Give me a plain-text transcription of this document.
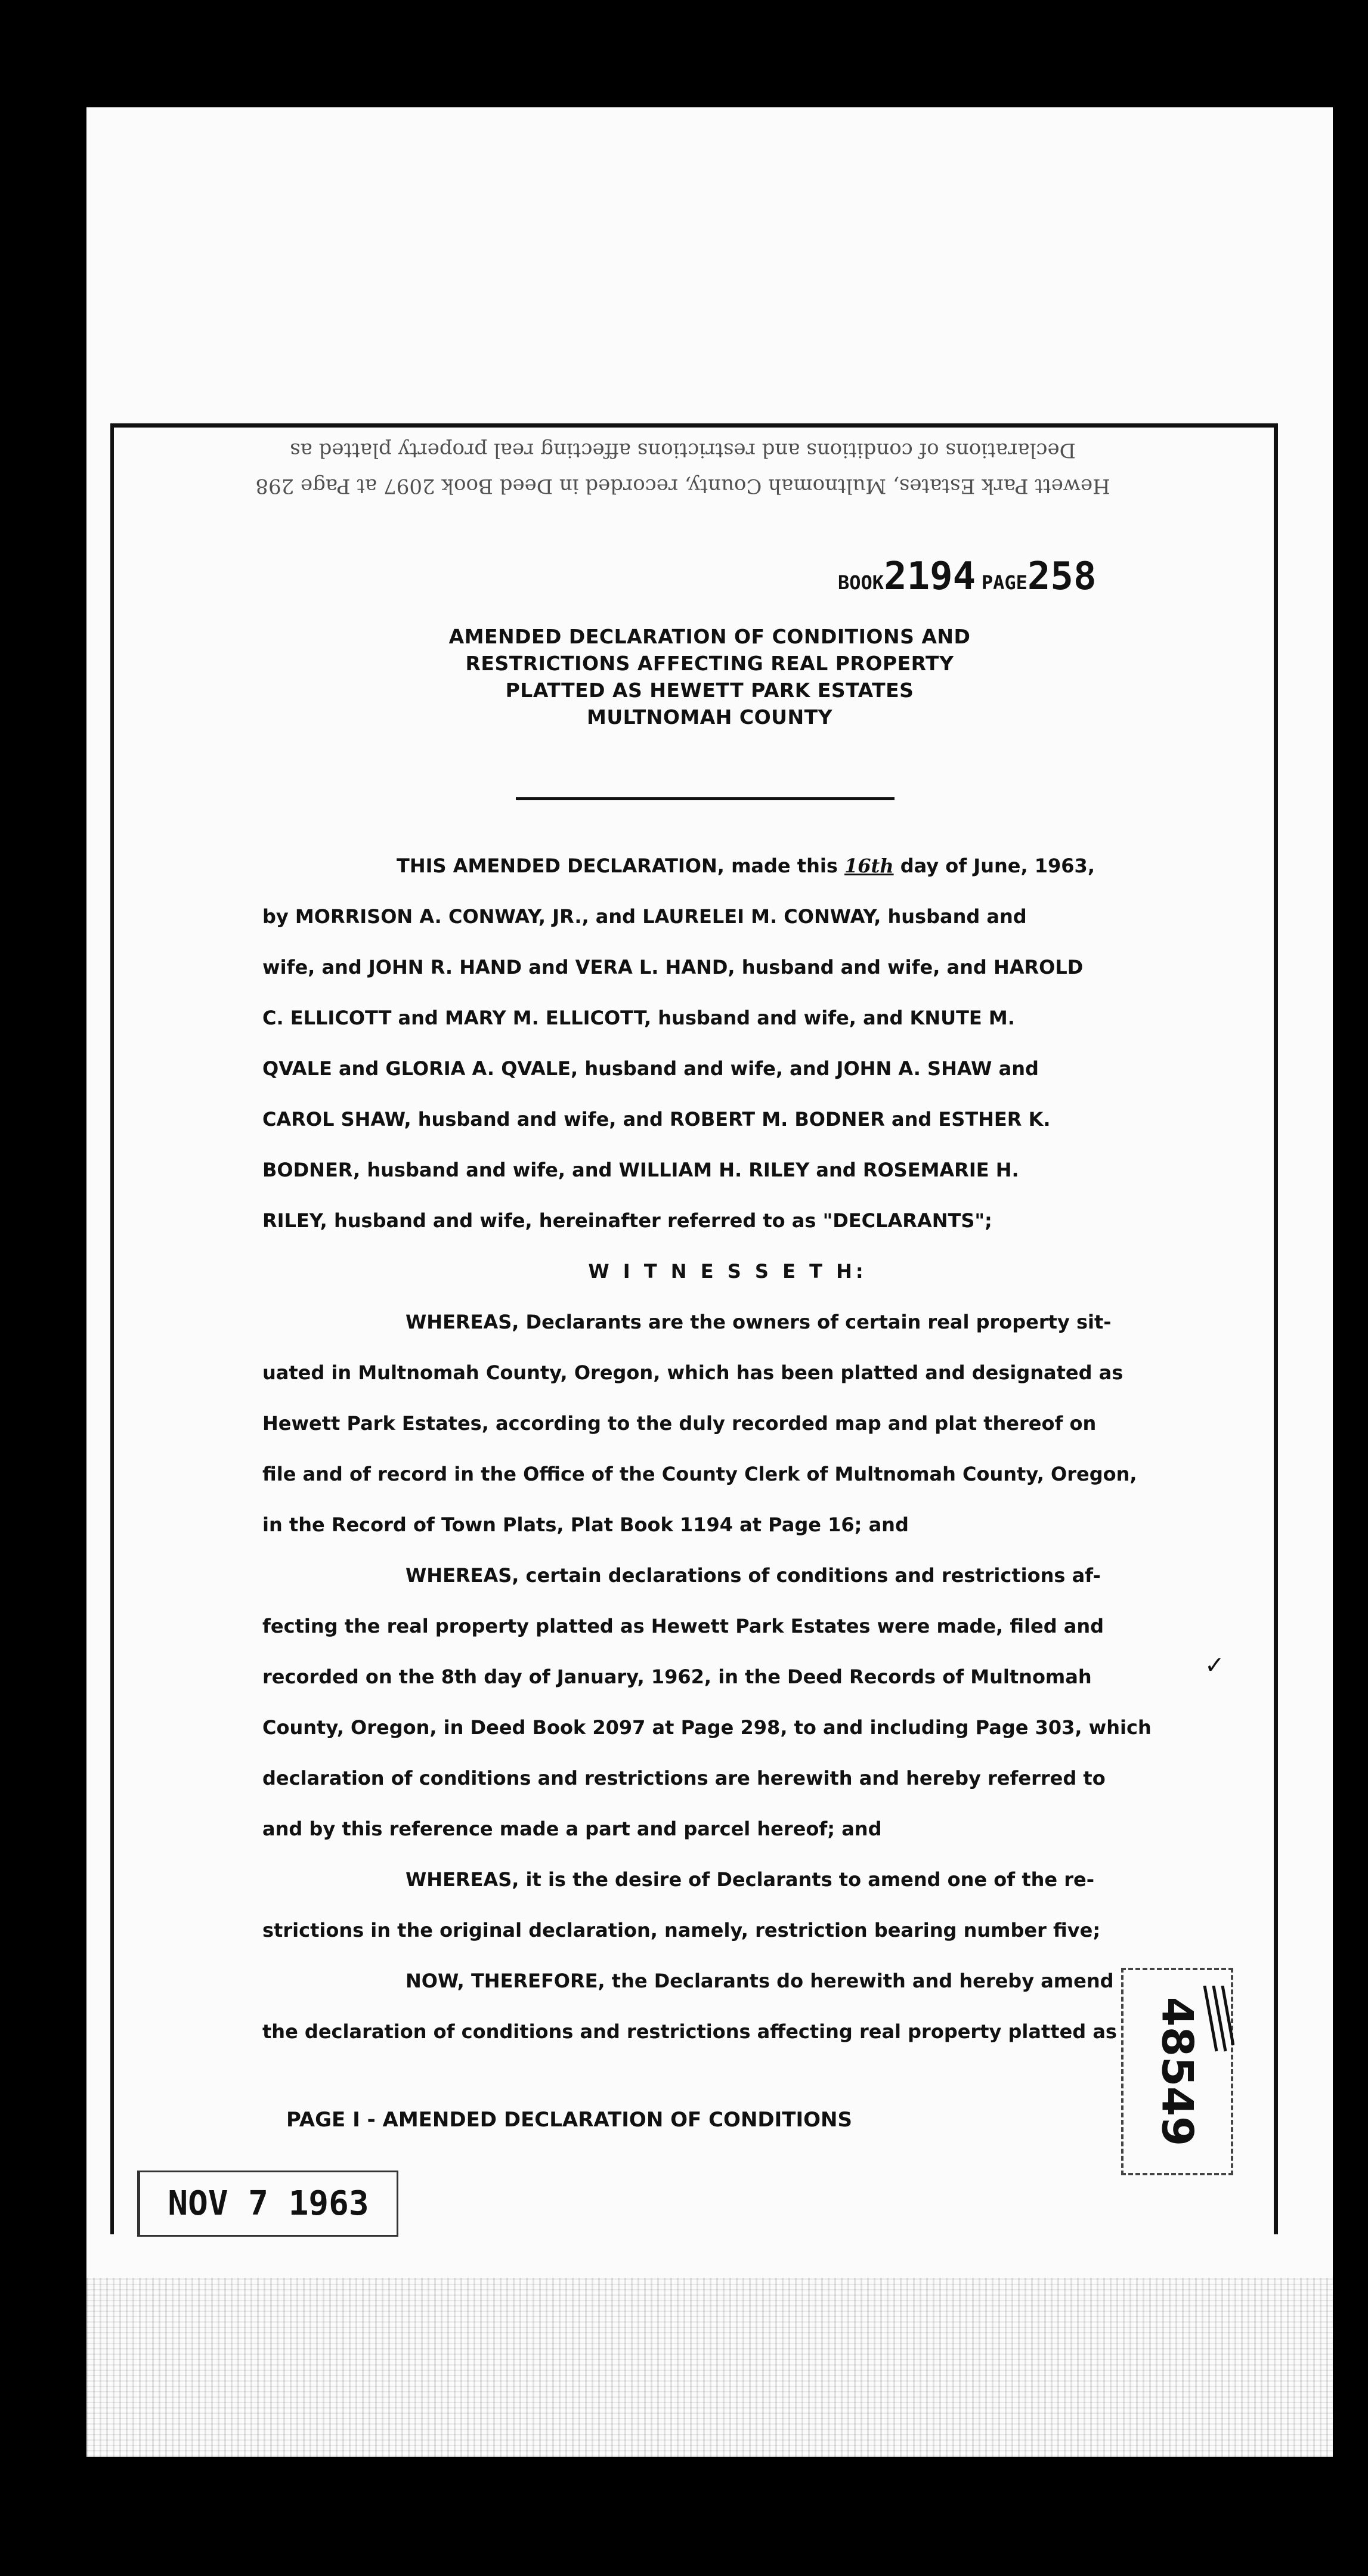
Hewett Park Estates, Multnomah County, recorded in Deed Book 2097 at Page 298
Declarations of conditions and restrictions affecting real property platted as
BOOK2194 PAGE258
AMENDED DECLARATION OF CONDITIONS AND
RESTRICTIONS AFFECTING REAL PROPERTY
PLATTED AS HEWETT PARK ESTATES
MULTNOMAH COUNTY
THIS AMENDED DECLARATION, made this 16th day of June, 1963,
by MORRISON A. CONWAY, JR., and LAURELEI M. CONWAY, husband and
wife, and JOHN R. HAND and VERA L. HAND, husband and wife, and HAROLD
C. ELLICOTT and MARY M. ELLICOTT, husband and wife, and KNUTE M.
QVALE and GLORIA A. QVALE, husband and wife, and JOHN A. SHAW and
CAROL SHAW, husband and wife, and ROBERT M. BODNER and ESTHER K.
BODNER, husband and wife, and WILLIAM H. RILEY and ROSEMARIE H.
RILEY, husband and wife, hereinafter referred to as "DECLARANTS";
W I T N E S S E T H:
WHEREAS, Declarants are the owners of certain real property sit-
uated in Multnomah County, Oregon, which has been platted and designated as
Hewett Park Estates, according to the duly recorded map and plat thereof on
file and of record in the Office of the County Clerk of Multnomah County, Oregon,
in the Record of Town Plats, Plat Book 1194 at Page 16; and
WHEREAS, certain declarations of conditions and restrictions af-
fecting the real property platted as Hewett Park Estates were made, filed and
recorded on the 8th day of January, 1962, in the Deed Records of Multnomah
County, Oregon, in Deed Book 2097 at Page 298, to and including Page 303, which
declaration of conditions and restrictions are herewith and hereby referred to
and by this reference made a part and parcel hereof; and
WHEREAS, it is the desire of Declarants to amend one of the re-
strictions in the original declaration, namely, restriction bearing number five;
NOW, THEREFORE, the Declarants do herewith and hereby amend
the declaration of conditions and restrictions affecting real property platted as
✓
PAGE I - AMENDED DECLARATION OF CONDITIONS
NOV 7 1963
48549
